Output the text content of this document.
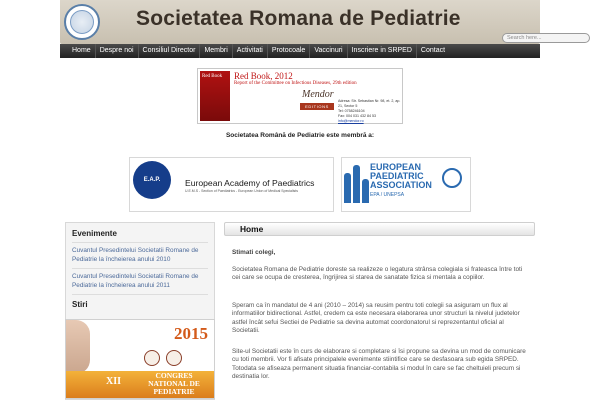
Societatea Romana de Pediatrie
Search here...
Home	Despre noi	Consiliul Director	Membri	Activitati	Protocoale	Vaccinuri	Inscriere in SRPED	Contact
Red Book	Red Book, 2012
Report of the Committee on Infectious Diseases, 29th edition
Mendor
EDITIONS
Adresa: Str. Sebastian Nr. 98, et. 2, ap. 21, Sector 5
Tel: 0758246104
Fax: 004 031 432 84 53
info@mendor.ro
Societatea Română de Pediatrie este membră a:
E.A.P.	European Academy of Paediatrics
U.E.M.S - Section of Paediatrics - European Union of Medical Specialists
EUROPEAN
PAEDIATRIC
ASSOCIATION
EPA / UNEPSA
Evenimente
Cuvantul Presedintelui Societatii Romane de Pediatrie la încheierea anului 2010
Cuvantul Presedintelui Societatii Romane de Pediatrie la încheierea anului 2011
Stiri
2015
XII
CONGRES NATIONAL DE PEDIATRIE
Home
Stimati colegi,
Societatea Romana de Pediatrie doreste sa realizeze o legatura strânsa colegiala si frateasca între toti cei care se ocupa de cresterea, îngrijirea si starea de sanatate fizica si mentala a copiilor.
Speram ca în mandatul de 4 ani (2010 – 2014) sa reusim pentru toti colegii sa asiguram un flux al informatiilor bidirectional. Astfel, credem ca este necesara elaborarea unor structuri la nivelul judetelor astfel încât sefui Sectiei de Pediatrie sa devina automat coordonatorul si reprezentantul oficial al Societatii.
Site-ul Societatii este în curs de elaborare si completare si îsi propune sa devina un mod de comunicare cu toti membrii. Vor fi afisate principalele evenimente stiintifice care se desfasoara sub egida SRPED. Totodata se afiseaza permanent situatia financiar-contabila si modul în care se fac cheltuieli precum si destinatia lor.
